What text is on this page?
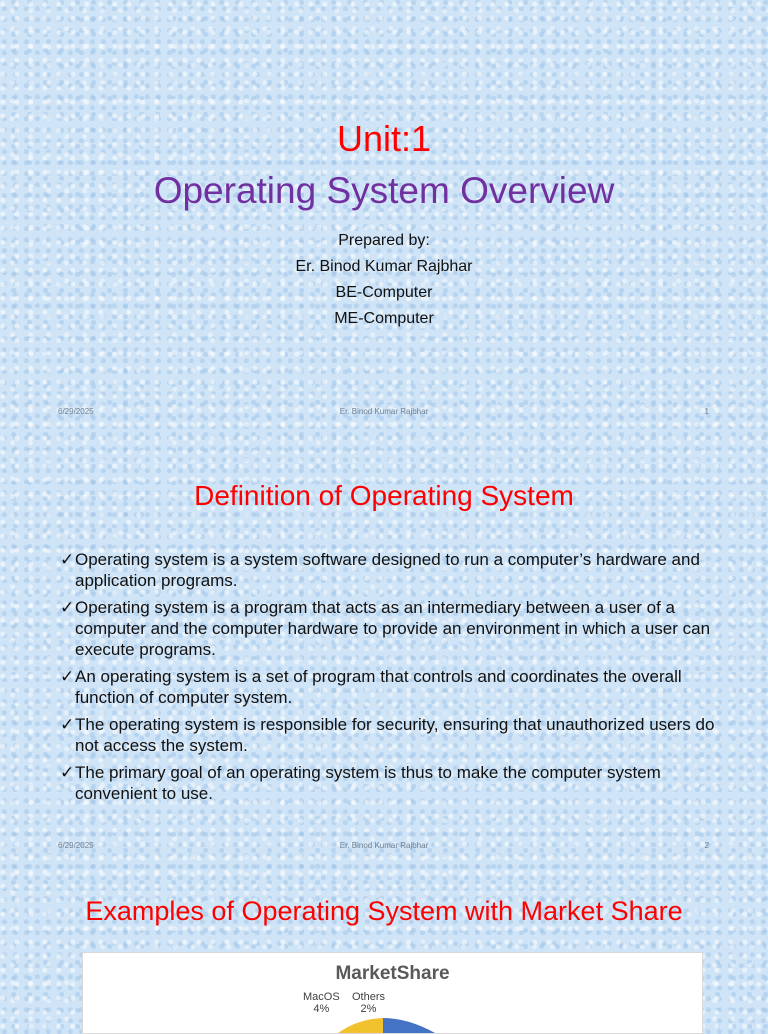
Unit:1
Operating System Overview
Prepared by:
Er. Binod Kumar Rajbhar
BE-Computer
ME-Computer
6/29/2025	Er. Binod Kumar Rajbhar	1
Definition of Operating System
✓ Operating system is a system software designed to run a computer’s hardware and application programs.
✓ Operating system is a program that acts as an intermediary between a user of a computer and the computer hardware to provide an environment in which a user can execute programs.
✓ An operating system is a set of program that controls and coordinates the overall function of computer system.
✓ The operating system is responsible for security, ensuring that unauthorized users do not access the system.
✓ The primary goal of an operating system is thus to make the computer system convenient to use.
6/29/2025	Er. Binod Kumar Rajbhar	2
Examples of Operating System with Market Share
MarketShare
MacOS
4%
Others
2%
